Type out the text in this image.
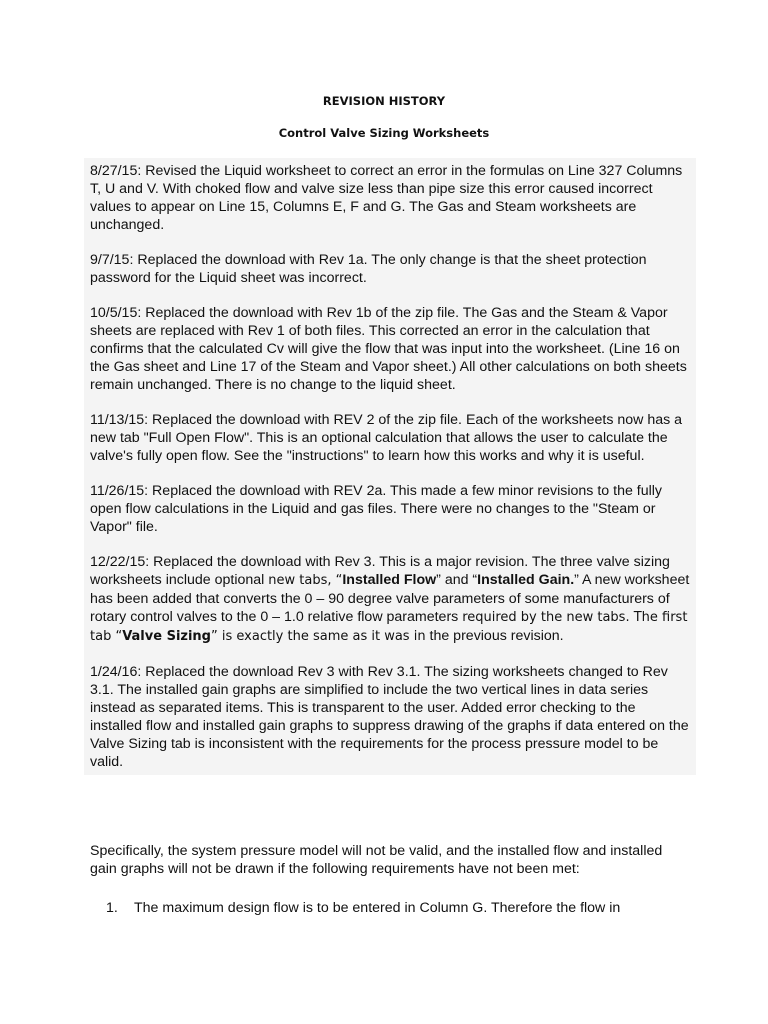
REVISION HISTORY
Control Valve Sizing Worksheets

8/27/15: Revised the Liquid worksheet to correct an error in the formulas on Line 327 Columns T, U and V. With choked flow and valve size less than pipe size this error caused incorrect values to appear on Line 15, Columns E, F and G. The Gas and Steam worksheets are unchanged.

9/7/15: Replaced the download with Rev 1a. The only change is that the sheet protection password for the Liquid sheet was incorrect.

10/5/15: Replaced the download with Rev 1b of the zip file. The Gas and the Steam & Vapor sheets are replaced with Rev 1 of both files. This corrected an error in the calculation that confirms that the calculated Cv will give the flow that was input into the worksheet. (Line 16 on the Gas sheet and Line 17 of the Steam and Vapor sheet.) All other calculations on both sheets remain unchanged. There is no change to the liquid sheet.

11/13/15: Replaced the download with REV 2 of the zip file. Each of the worksheets now has a new tab "Full Open Flow". This is an optional calculation that allows the user to calculate the valve's fully open flow. See the "instructions" to learn how this works and why it is useful.

11/26/15: Replaced the download with REV 2a. This made a few minor revisions to the fully open flow calculations in the Liquid and gas files. There were no changes to the "Steam or Vapor" file.

12/22/15: Replaced the download with Rev 3. This is a major revision. The three valve sizing worksheets include optional new tabs, “Installed Flow” and “Installed Gain.” A new worksheet has been added that converts the 0 – 90 degree valve parameters of some manufacturers of rotary control valves to the 0 – 1.0 relative flow parameters required by the new tabs. The first tab “Valve Sizing” is exactly the same as it was in the previous revision.

1/24/16: Replaced the download Rev 3 with Rev 3.1. The sizing worksheets changed to Rev 3.1. The installed gain graphs are simplified to include the two vertical lines in data series instead as separated items. This is transparent to the user. Added error checking to the installed flow and installed gain graphs to suppress drawing of the graphs if data entered on the Valve Sizing tab is inconsistent with the requirements for the process pressure model to be valid.

Specifically, the system pressure model will not be valid, and the installed flow and installed gain graphs will not be drawn if the following requirements have not been met:
1.	The maximum design flow is to be entered in Column G. Therefore the flow in
